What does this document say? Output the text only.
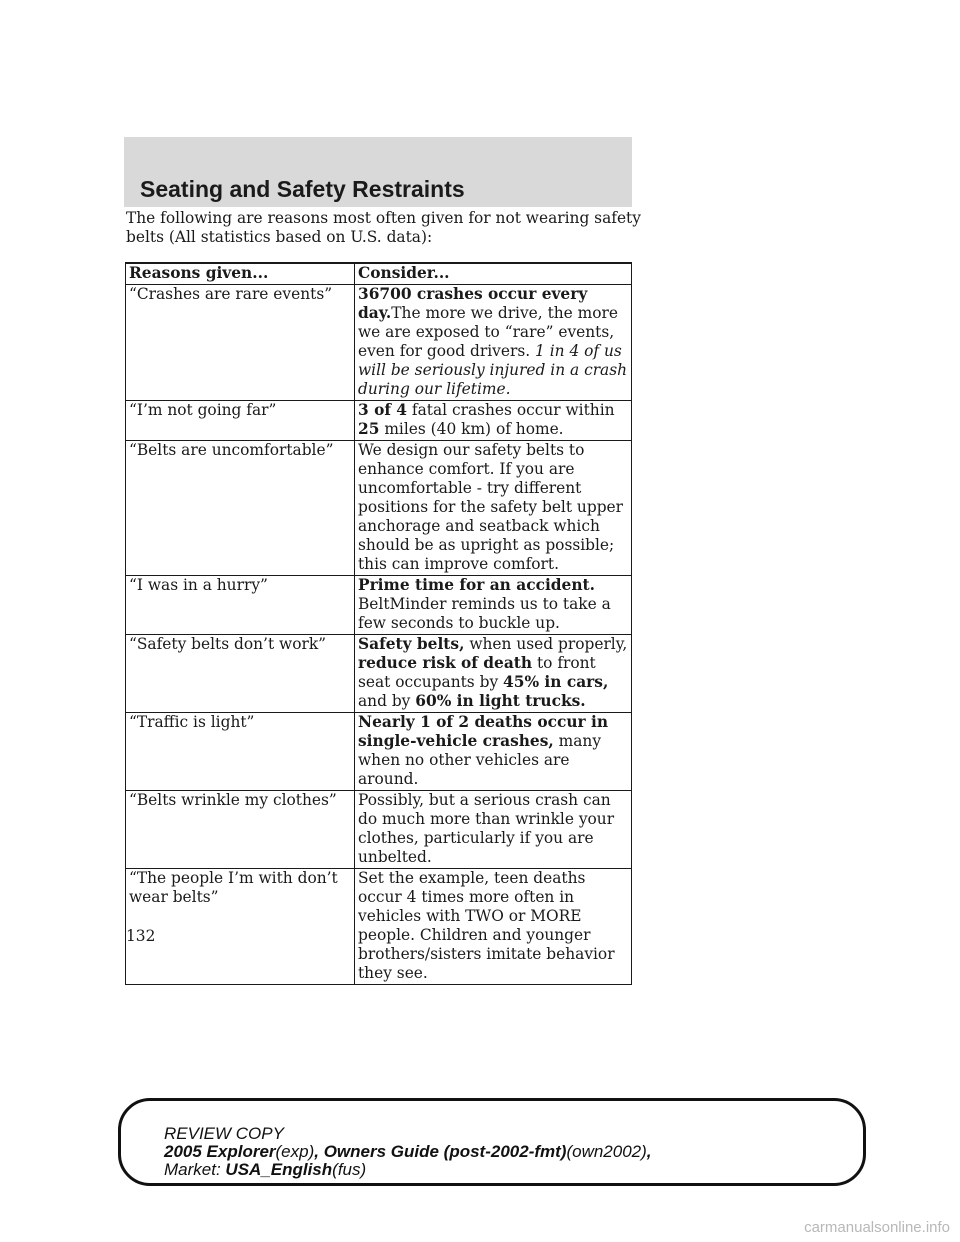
Seating and Safety Restraints

The following are reasons most often given for not wearing safety belts (All statistics based on U.S. data):

Reasons given...	Consider...
“Crashes are rare events”	36700 crashes occur every day.The more we drive, the more we are exposed to “rare” events, even for good drivers. 1 in 4 of us will be seriously injured in a crash during our lifetime.
“I’m not going far”	3 of 4 fatal crashes occur within 25 miles (40 km) of home.
“Belts are uncomfortable”	We design our safety belts to enhance comfort. If you are uncomfortable - try different positions for the safety belt upper anchorage and seatback which should be as upright as possible; this can improve comfort.
“I was in a hurry”	Prime time for an accident. BeltMinder reminds us to take a few seconds to buckle up.
“Safety belts don’t work”	Safety belts, when used properly, reduce risk of death to front seat occupants by 45% in cars, and by 60% in light trucks.
“Traffic is light”	Nearly 1 of 2 deaths occur in single-vehicle crashes, many when no other vehicles are around.
“Belts wrinkle my clothes”	Possibly, but a serious crash can do much more than wrinkle your clothes, particularly if you are unbelted.
“The people I’m with don’t wear belts”	Set the example, teen deaths occur 4 times more often in vehicles with TWO or MORE people. Children and younger brothers/sisters imitate behavior they see.

132

REVIEW COPY
2005 Explorer(exp), Owners Guide (post-2002-fmt)(own2002),
Market: USA_English(fus)
carmanualsonline.info
